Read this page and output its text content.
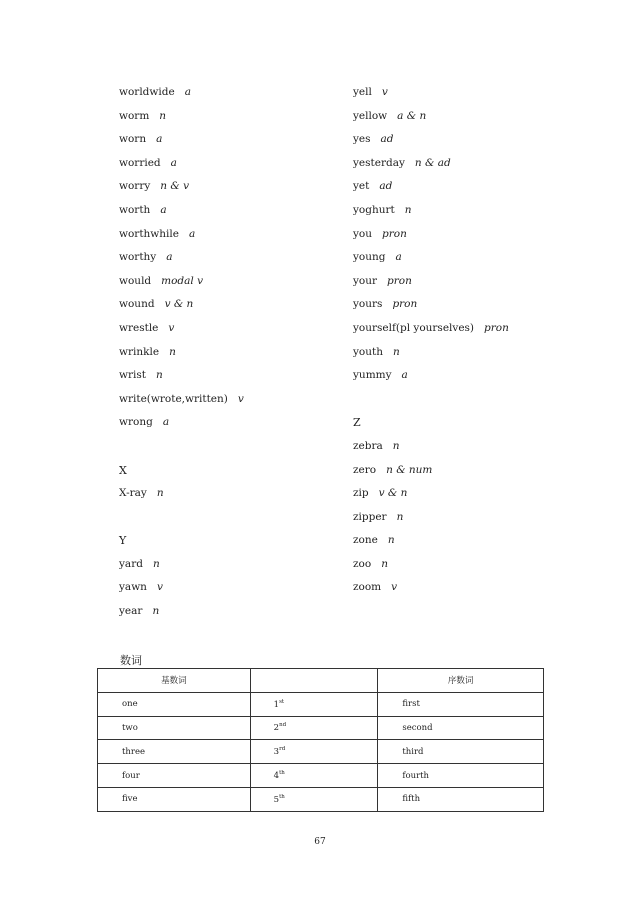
worldwide a
worm n
worn a
worried a
worry n & v
worth a
worthwhile a
worthy a
would modal v
wound v & n
wrestle v
wrinkle n
wrist n
write(wrote,written) v
wrong a
X
X-ray n
Y
yard n
yawn v
year n
yell v
yellow a & n
yes ad
yesterday n & ad
yet ad
yoghurt n
you pron
young a
your pron
yours pron
yourself(pl yourselves) pron
youth n
yummy a
Z
zebra n
zero n & num
zip v & n
zipper n
zone n
zoo n
zoom v
数词
基数词		序数词
one	1st	first
two	2nd	second
three	3rd	third
four	4th	fourth
five	5th	fifth
67
